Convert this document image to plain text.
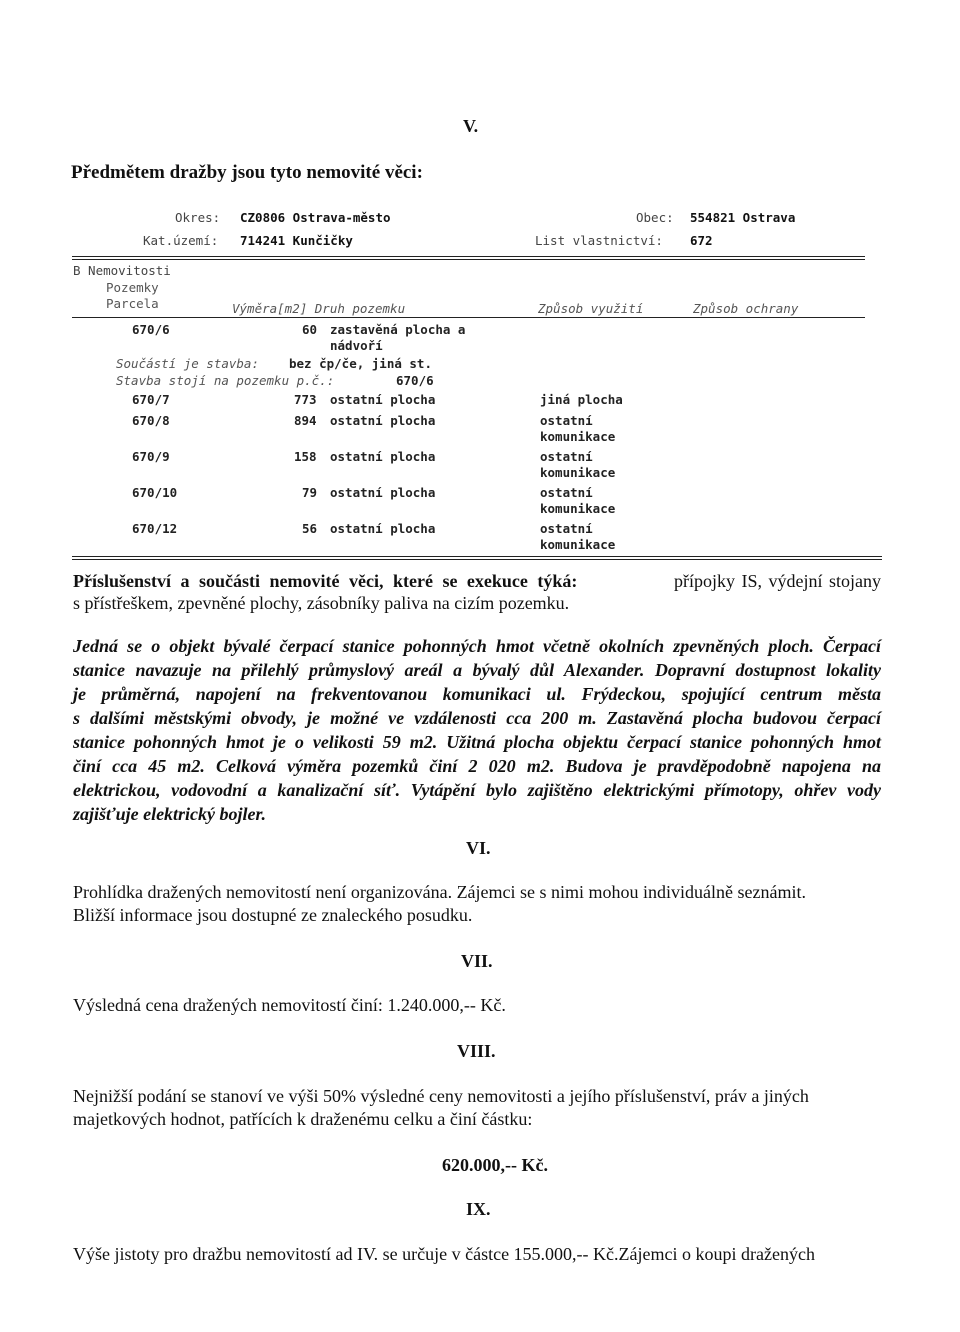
V.
Předmětem dražby jsou tyto nemovité věci:
Okres: CZ0806 Ostrava-město	Obec: 554821 Ostrava
Kat.území: 714241 Kunčičky	List vlastnictví: 672
B Nemovitosti
Pozemky
Parcela	Výměra[m2] Druh pozemku	Způsob využití	Způsob ochrany
670/6	60 zastavěná plocha a
nádvoří
Součástí je stavba: bez čp/če, jiná st.
Stavba stojí na pozemku p.č.:	670/6
670/7	773 ostatní plocha	jiná plocha
670/8	894 ostatní plocha	ostatní
komunikace
670/9	158 ostatní plocha	ostatní
komunikace
670/10	79 ostatní plocha	ostatní
komunikace
670/12	56 ostatní plocha	ostatní
komunikace
Příslušenství a součásti nemovité věci, které se exekuce týká:	přípojky IS, výdejní stojany
s přístřeškem, zpevněné plochy, zásobníky paliva na cizím pozemku.
Jedná se o objekt bývalé čerpací stanice pohonných hmot včetně okolních zpevněných ploch. Čerpací
stanice navazuje na přilehlý průmyslový areál a bývalý důl Alexander. Dopravní dostupnost lokality
je průměrná, napojení na frekventovanou komunikaci ul. Frýdeckou, spojující centrum města
s dalšími městskými obvody, je možné ve vzdálenosti cca 200 m. Zastavěná plocha budovou čerpací
stanice pohonných hmot je o velikosti 59 m2. Užitná plocha objektu čerpací stanice pohonných hmot
činí cca 45 m2. Celková výměra pozemků činí 2 020 m2. Budova je pravděpodobně napojena na
elektrickou, vodovodní a kanalizační síť. Vytápění bylo zajištěno elektrickými přímotopy, ohřev vody
zajišťuje elektrický bojler.
VI.
Prohlídka dražených nemovitostí není organizována. Zájemci se s nimi mohou individuálně seznámit.
Bližší informace jsou dostupné ze znaleckého posudku.
VII.
Výsledná cena dražených nemovitostí činí: 1.240.000,-- Kč.
VIII.
Nejnižší podání se stanoví ve výši 50% výsledné ceny nemovitosti a jejího příslušenství, práv a jiných
majetkových hodnot, patřících k draženému celku a činí částku:
620.000,-- Kč.
IX.
Výše jistoty pro dražbu nemovitostí ad IV. se určuje v částce 155.000,-- Kč.Zájemci o koupi dražených
